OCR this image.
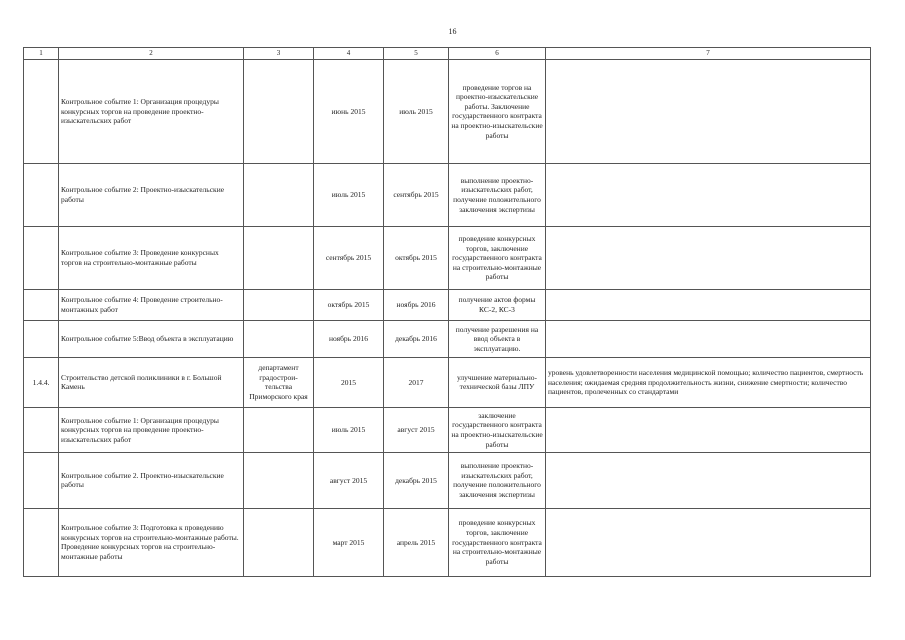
16
1	2	3	4	5	6	7
	Контрольное событие 1: Организация процедуры конкурсных торгов на проведение проектно-изыскательских работ		июнь 2015	июль 2015	проведение торгов на проектно-изыскательские работы. Заключение государственного контракта на проектно-изыскательские работы	
	Контрольное событие 2: Проектно-изыскательские работы		июль 2015	сентябрь 2015	выполнение проектно-изыскательских работ, получение положительного заключения экспертизы	
	Контрольное событие 3: Проведение конкурсных торгов на строительно-монтажные работы		сентябрь 2015	октябрь 2015	проведение конкурсных торгов, заключение государственного контракта на строительно-монтажные работы	
	Контрольное событие 4: Проведение строительно-монтажных работ		октябрь 2015	ноябрь 2016	получение актов формы КС-2, КС-3	
	Контрольное событие 5:Ввод объекта в эксплуатацию		ноябрь 2016	декабрь 2016	получение разрешения на ввод объекта в эксплуатацию.	
1.4.4.	Строительство детской поликлиники в г. Большой Камень	департамент градострои-тельства Приморского края	2015	2017	улучшение материально-технической базы ЛПУ	уровень удовлетворенности населения медицинской помощью; количество пациентов, смертность населения; ожидаемая средняя продолжительность жизни, снижение смертности; количество пациентов, пролеченных со стандартами
	Контрольное событие 1: Организация процедуры конкурсных торгов на проведение проектно-изыскательских работ		июль 2015	август 2015	заключение государственного контракта на проектно-изыскательские работы	
	Контрольное событие 2. Проектно-изыскательские работы		август 2015	декабрь 2015	выполнение проектно-изыскательских работ, получение положительного заключения экспертизы	
	Контрольное событие 3: Подготовка к проведению конкурсных торгов на строительно-монтажные работы. Проведение конкурсных торгов на строительно-монтажные работы		март 2015	апрель 2015	проведение конкурсных торгов, заключение государственного контракта на строительно-монтажные работы	
